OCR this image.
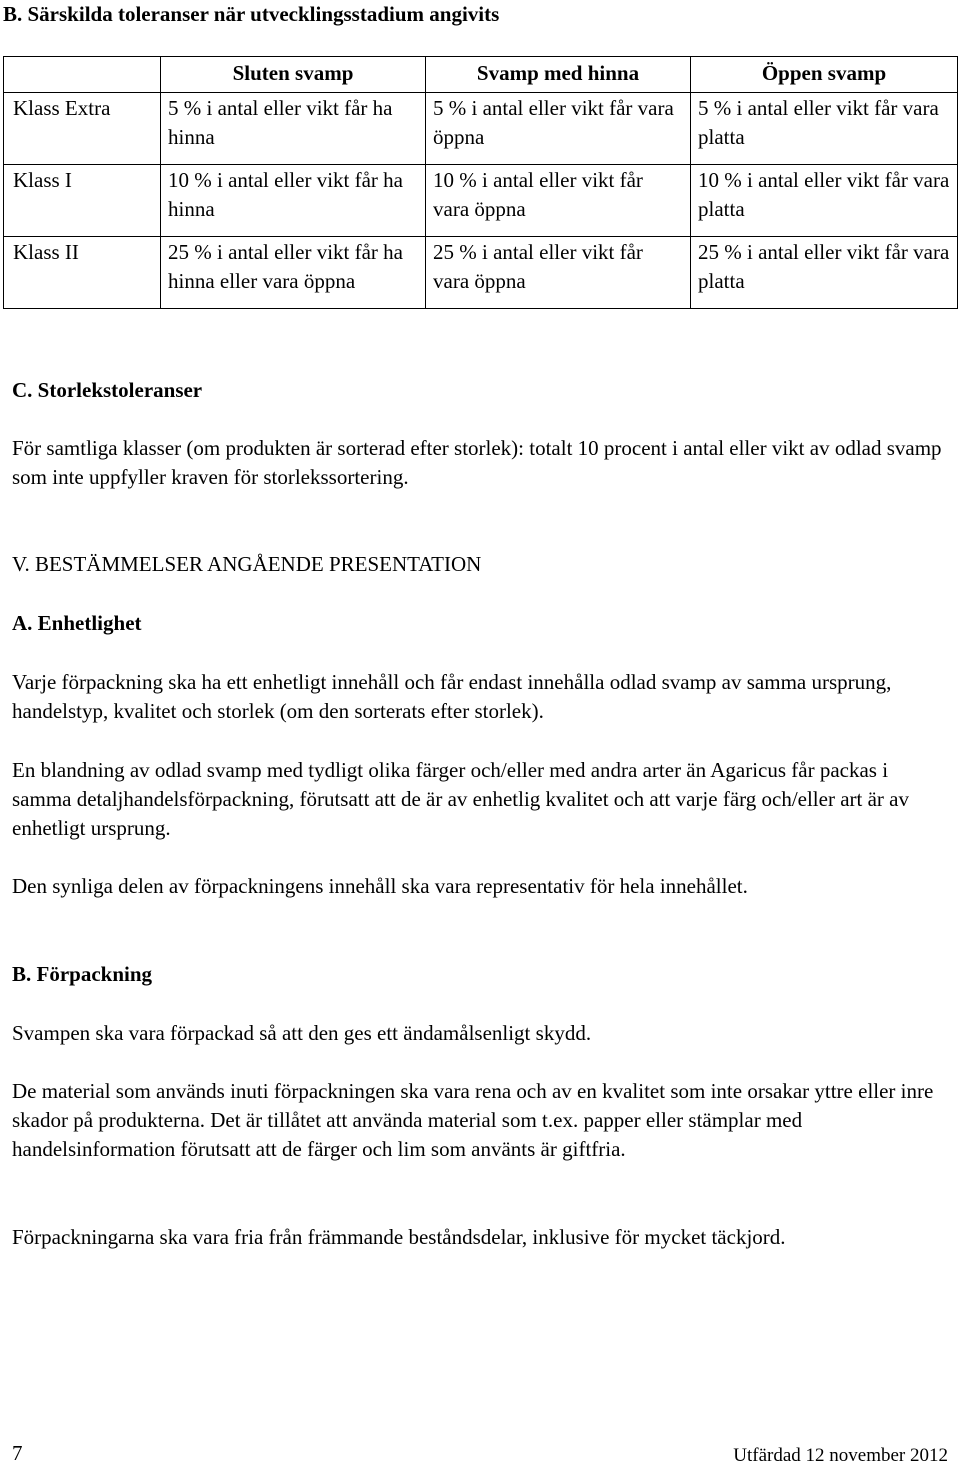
B. Särskilda toleranser när utvecklingsstadium angivits
	Sluten svamp	Svamp med hinna	Öppen svamp
Klass Extra	5 % i antal eller vikt får ha hinna	5 % i antal eller vikt får vara öppna	5 % i antal eller vikt får vara platta
Klass I	10 % i antal eller vikt får ha hinna	10 % i antal eller vikt får vara öppna	10 % i antal eller vikt får vara platta
Klass II	25 % i antal eller vikt får ha hinna eller vara öppna	25 % i antal eller vikt får vara öppna	25 % i antal eller vikt får vara platta
C. Storlekstoleranser
För samtliga klasser (om produkten är sorterad efter storlek): totalt 10 procent i antal eller vikt av odlad svamp som inte uppfyller kraven för storlekssortering.
V. BESTÄMMELSER ANGÅENDE PRESENTATION
A. Enhetlighet
Varje förpackning ska ha ett enhetligt innehåll och får endast innehålla odlad svamp av samma ursprung, handelstyp, kvalitet och storlek (om den sorterats efter storlek).
En blandning av odlad svamp med tydligt olika färger och/eller med andra arter än Agaricus får packas i samma detaljhandelsförpackning, förutsatt att de är av enhetlig kvalitet och att varje färg och/eller art är av enhetligt ursprung.
Den synliga delen av förpackningens innehåll ska vara representativ för hela innehållet.
B. Förpackning
Svampen ska vara förpackad så att den ges ett ändamålsenligt skydd.
De material som används inuti förpackningen ska vara rena och av en kvalitet som inte orsakar yttre eller inre skador på produkterna. Det är tillåtet att använda material som t.ex. papper eller stämplar med handelsinformation förutsatt att de färger och lim som använts är giftfria.
Förpackningarna ska vara fria från främmande beståndsdelar, inklusive för mycket täckjord.
7	Utfärdad 12 november 2012
